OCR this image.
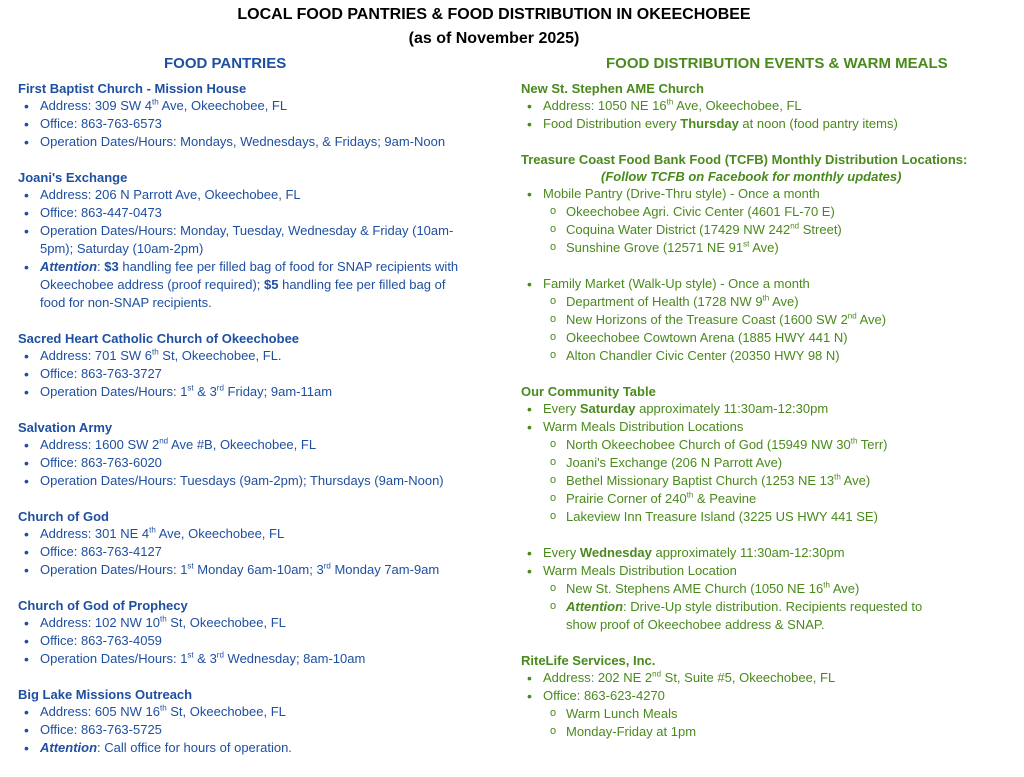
LOCAL FOOD PANTRIES & FOOD DISTRIBUTION IN OKEECHOBEE
(as of November 2025)
FOOD PANTRIES
First Baptist Church - Mission House
• Address: 309 SW 4th Ave, Okeechobee, FL
• Office: 863-763-6573
• Operation Dates/Hours: Mondays, Wednesdays, & Fridays; 9am-Noon
Joani's Exchange
• Address: 206 N Parrott Ave, Okeechobee, FL
• Office: 863-447-0473
• Operation Dates/Hours: Monday, Tuesday, Wednesday & Friday (10am-
5pm); Saturday (10am-2pm)
• Attention: $3 handling fee per filled bag of food for SNAP recipients with
Okeechobee address (proof required); $5 handling fee per filled bag of
food for non-SNAP recipients.
Sacred Heart Catholic Church of Okeechobee
• Address: 701 SW 6th St, Okeechobee, FL.
• Office: 863-763-3727
• Operation Dates/Hours: 1st & 3rd Friday; 9am-11am
Salvation Army
• Address: 1600 SW 2nd Ave #B, Okeechobee, FL
• Office: 863-763-6020
• Operation Dates/Hours: Tuesdays (9am-2pm); Thursdays (9am-Noon)
Church of God
• Address: 301 NE 4th Ave, Okeechobee, FL
• Office: 863-763-4127
• Operation Dates/Hours: 1st Monday 6am-10am; 3rd Monday 7am-9am
Church of God of Prophecy
• Address: 102 NW 10th St, Okeechobee, FL
• Office: 863-763-4059
• Operation Dates/Hours: 1st & 3rd Wednesday; 8am-10am
Big Lake Missions Outreach
• Address: 605 NW 16th St, Okeechobee, FL
• Office: 863-763-5725
• Attention: Call office for hours of operation.
FOOD DISTRIBUTION EVENTS & WARM MEALS
New St. Stephen AME Church
• Address: 1050 NE 16th Ave, Okeechobee, FL
• Food Distribution every Thursday at noon (food pantry items)
Treasure Coast Food Bank Food (TCFB) Monthly Distribution Locations:
(Follow TCFB on Facebook for monthly updates)
• Mobile Pantry (Drive-Thru style) - Once a month
o Okeechobee Agri. Civic Center (4601 FL-70 E)
o Coquina Water District (17429 NW 242nd Street)
o Sunshine Grove (12571 NE 91st Ave)
• Family Market (Walk-Up style) - Once a month
o Department of Health (1728 NW 9th Ave)
o New Horizons of the Treasure Coast (1600 SW 2nd Ave)
o Okeechobee Cowtown Arena (1885 HWY 441 N)
o Alton Chandler Civic Center (20350 HWY 98 N)
Our Community Table
• Every Saturday approximately 11:30am-12:30pm
• Warm Meals Distribution Locations
o North Okeechobee Church of God (15949 NW 30th Terr)
o Joani's Exchange (206 N Parrott Ave)
o Bethel Missionary Baptist Church (1253 NE 13th Ave)
o Prairie Corner of 240th & Peavine
o Lakeview Inn Treasure Island (3225 US HWY 441 SE)
• Every Wednesday approximately 11:30am-12:30pm
• Warm Meals Distribution Location
o New St. Stephens AME Church (1050 NE 16th Ave)
o Attention: Drive-Up style distribution. Recipients requested to
show proof of Okeechobee address & SNAP.
RiteLife Services, Inc.
• Address: 202 NE 2nd St, Suite #5, Okeechobee, FL
• Office: 863-623-4270
o Warm Lunch Meals
o Monday-Friday at 1pm
